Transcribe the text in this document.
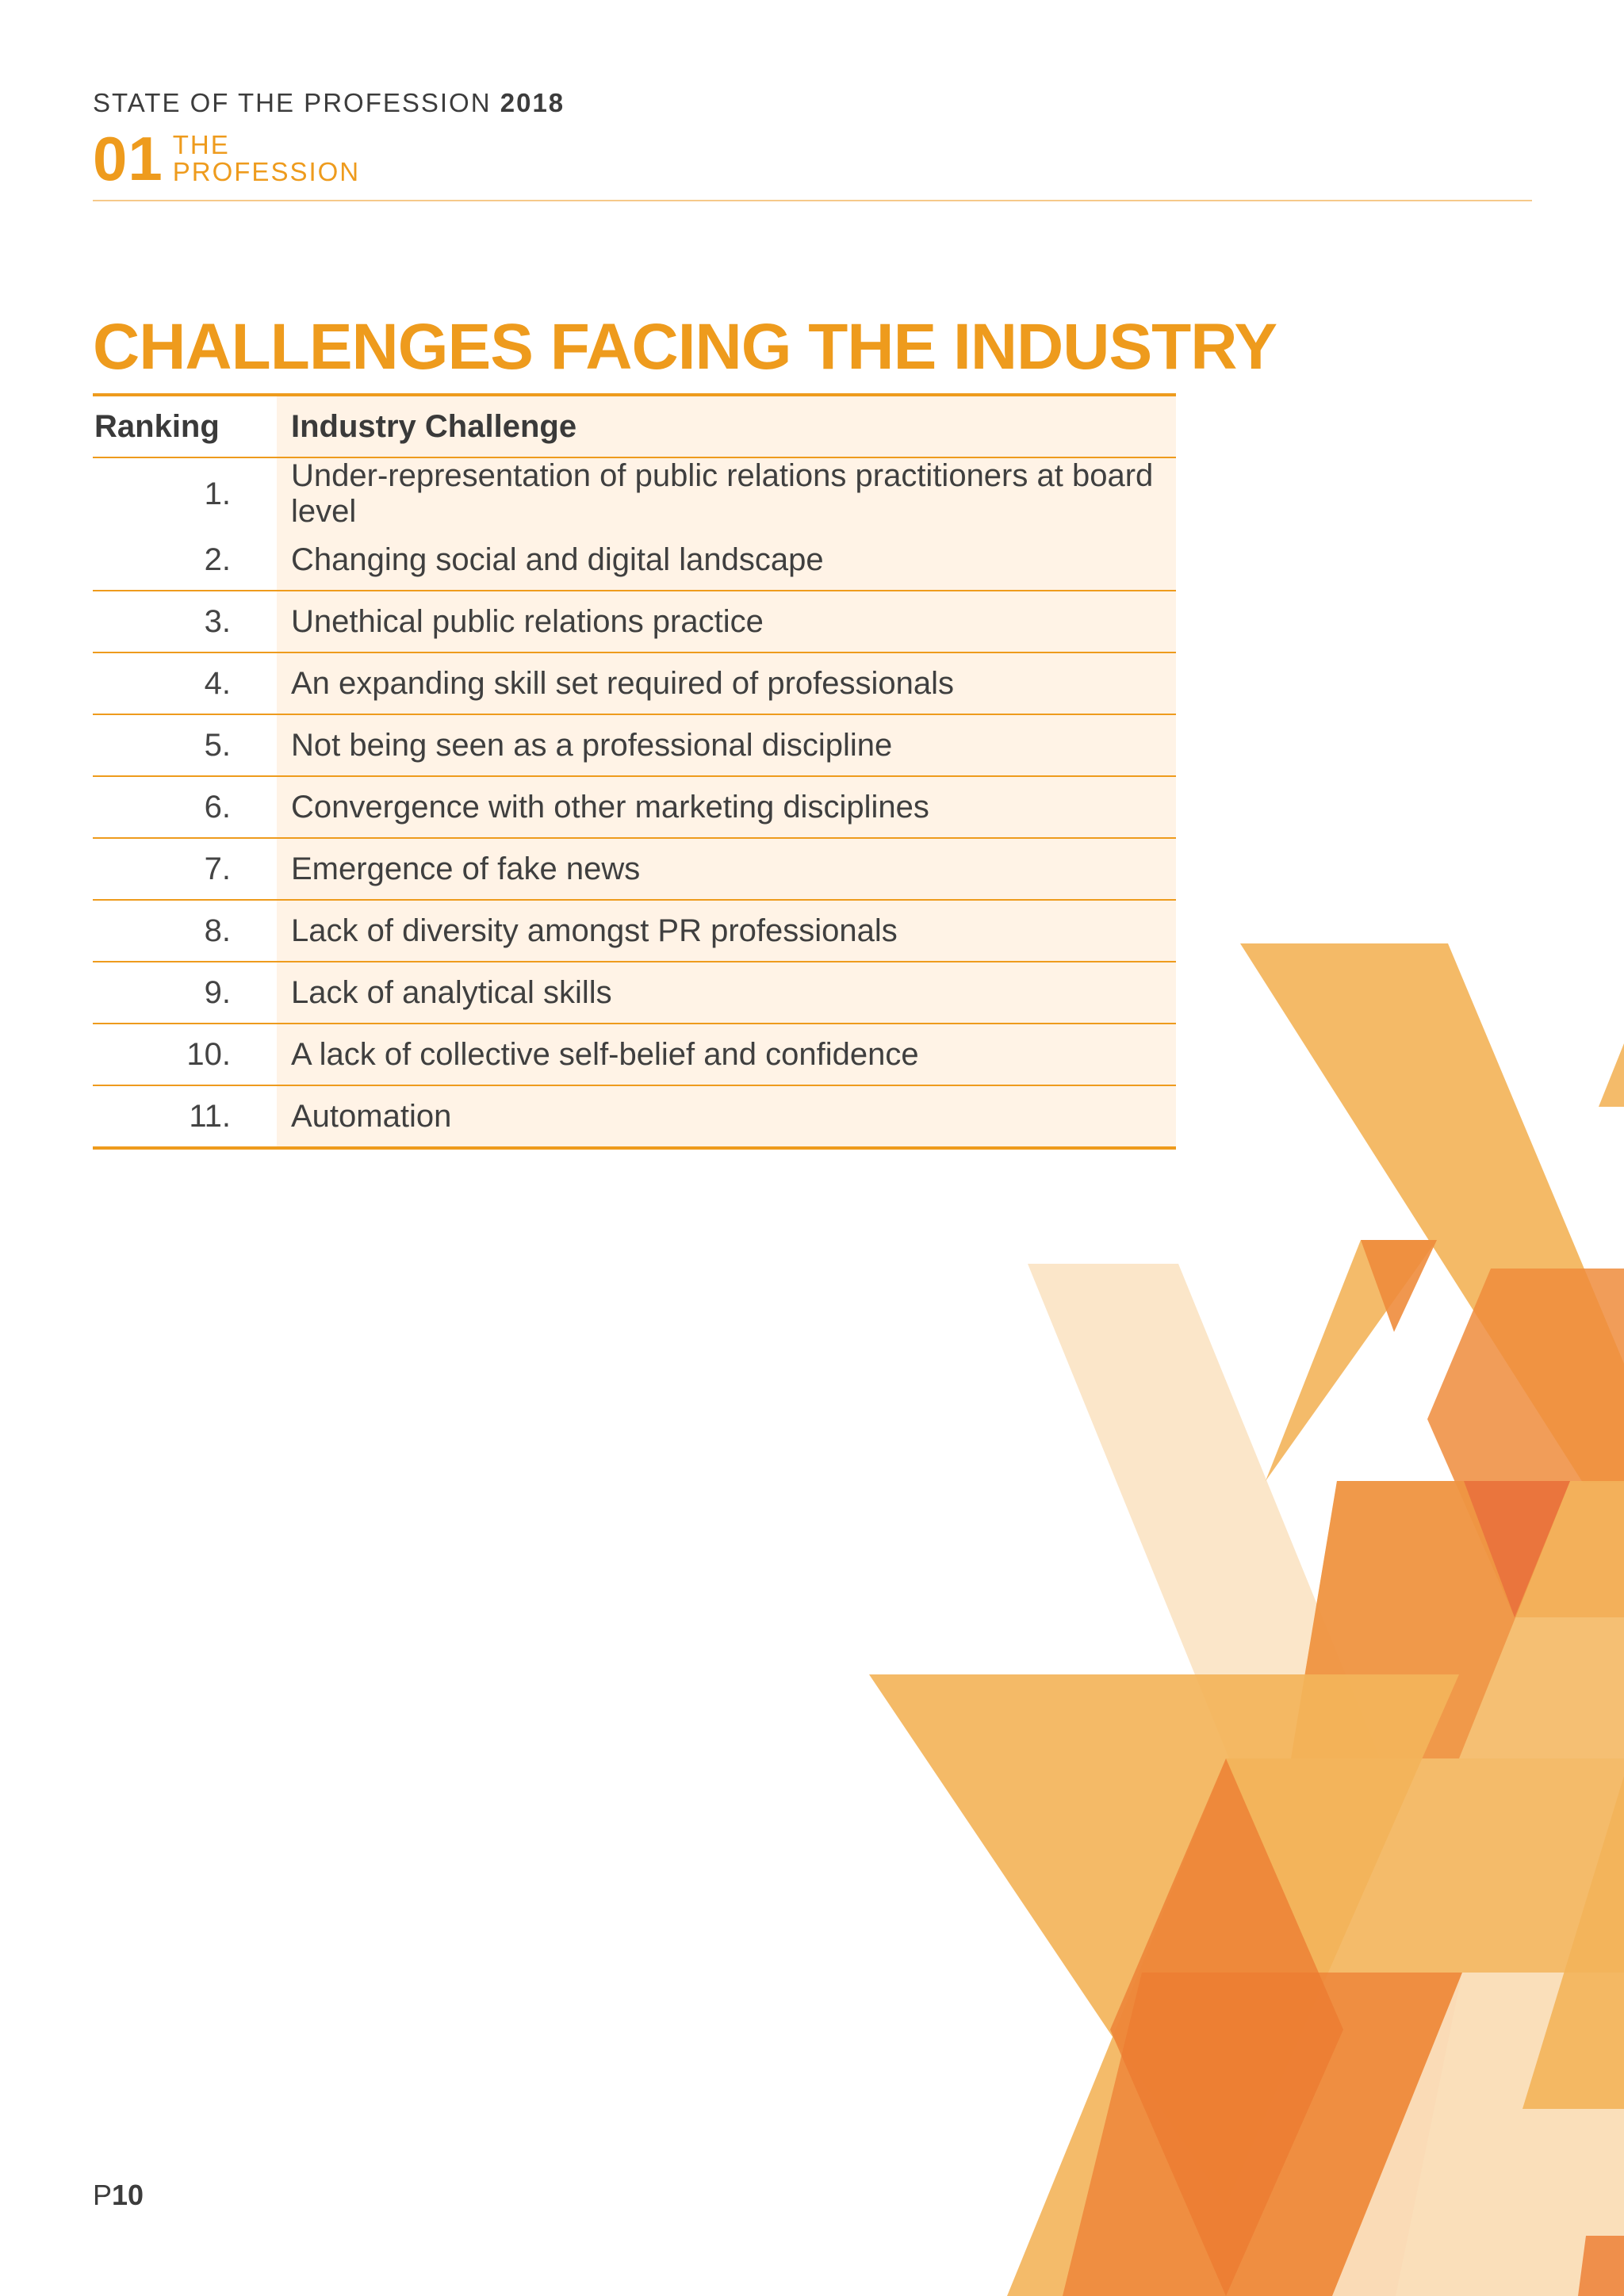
STATE OF THE PROFESSION 2018
01 THE PROFESSION
CHALLENGES FACING THE INDUSTRY
Ranking	Industry Challenge
1.	Under-representation of public relations practitioners at board level
2.	Changing social and digital landscape
3.	Unethical public relations practice
4.	An expanding skill set required of professionals
5.	Not being seen as a professional discipline
6.	Convergence with other marketing disciplines
7.	Emergence of fake news
8.	Lack of diversity amongst PR professionals
9.	Lack of analytical skills
10.	A lack of collective self-belief and confidence
11.	Automation
P10
